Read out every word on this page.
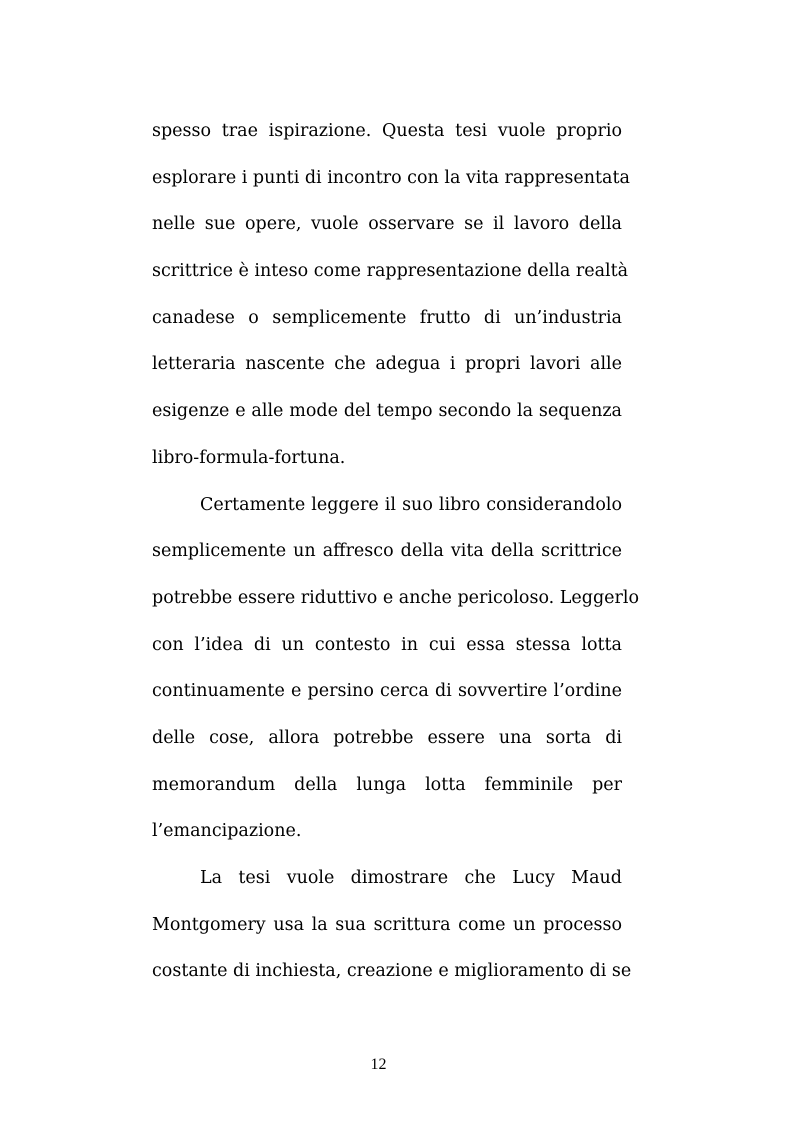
spesso trae ispirazione. Questa tesi vuole proprio
esplorare i punti di incontro con la vita rappresentata
nelle sue opere, vuole osservare se il lavoro della
scrittrice è inteso come rappresentazione della realtà
canadese o semplicemente frutto di un’industria
letteraria nascente che adegua i propri lavori alle
esigenze e alle mode del tempo secondo la sequenza
libro-formula-fortuna.
Certamente leggere il suo libro considerandolo
semplicemente un affresco della vita della scrittrice
potrebbe essere riduttivo e anche pericoloso. Leggerlo
con l’idea di un contesto in cui essa stessa lotta
continuamente e persino cerca di sovvertire l’ordine
delle cose, allora potrebbe essere una sorta di
memorandum della lunga lotta femminile per
l’emancipazione.
La tesi vuole dimostrare che Lucy Maud
Montgomery usa la sua scrittura come un processo
costante di inchiesta, creazione e miglioramento di se
12
